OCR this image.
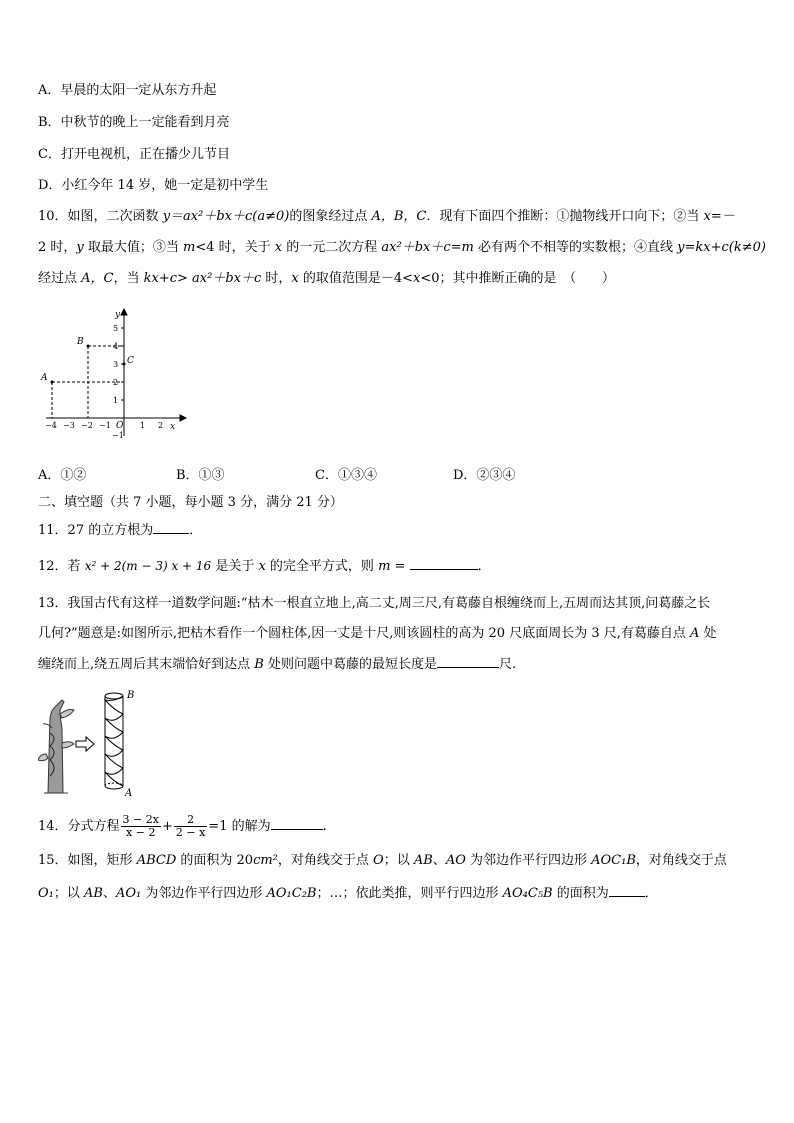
A．早晨的太阳一定从东方升起
B．中秋节的晚上一定能看到月亮
C．打开电视机，正在播少儿节目
D．小红今年 14 岁，她一定是初中学生
10．如图，二次函数 y＝ax²＋bx＋c(a≠0)的图象经过点 A，B，C．现有下面四个推断：①抛物线开口向下；②当 x=－
2 时，y 取最大值；③当 m<4 时，关于 x 的一元二次方程 ax²＋bx＋c=m 必有两个不相等的实数根；④直线 y=kx+c(k≠0)
经过点 A，C，当 kx+c> ax²＋bx＋c 时，x 的取值范围是－4<x<0；其中推断正确的是　（　　）
y
x
O
A
B
C
5
4
3
2
1
−1
−4 −3 −2 −1	1 2
A．①②	B．①③	C．①③④	D．②③④
二、填空题（共 7 小题，每小题 3 分，满分 21 分）
11．27 的立方根为	．
12．若 x² + 2(m − 3) x + 16 是关于 x 的完全平方式，则 m =	．
13．我国古代有这样一道数学问题:“枯木一根直立地上,高二丈,周三尺,有葛藤自根缠绕而上,五周而达其顶,问葛藤之长
几何?”题意是:如图所示,把枯木看作一个圆柱体,因一丈是十尺,则该圆柱的高为 20 尺底面周长为 3 尺,有葛藤自点 A 处
缠绕而上,绕五周后其末端恰好到达点 B 处则问题中葛藤的最短长度是	尺.
B
A
14．分式方程 $\frac{3 - 2x}{x - 2} + \frac{2}{2 - x} =1$ 的解为	.
15．如图，矩形 ABCD 的面积为 20cm²，对角线交于点 O；以 AB、AO 为邻边作平行四边形 AOC₁B，对角线交于点
O₁；以 AB、AO₁ 为邻边作平行四边形 AO₁C₂B；…；依此类推，则平行四边形 AO₄C₅B 的面积为	．
